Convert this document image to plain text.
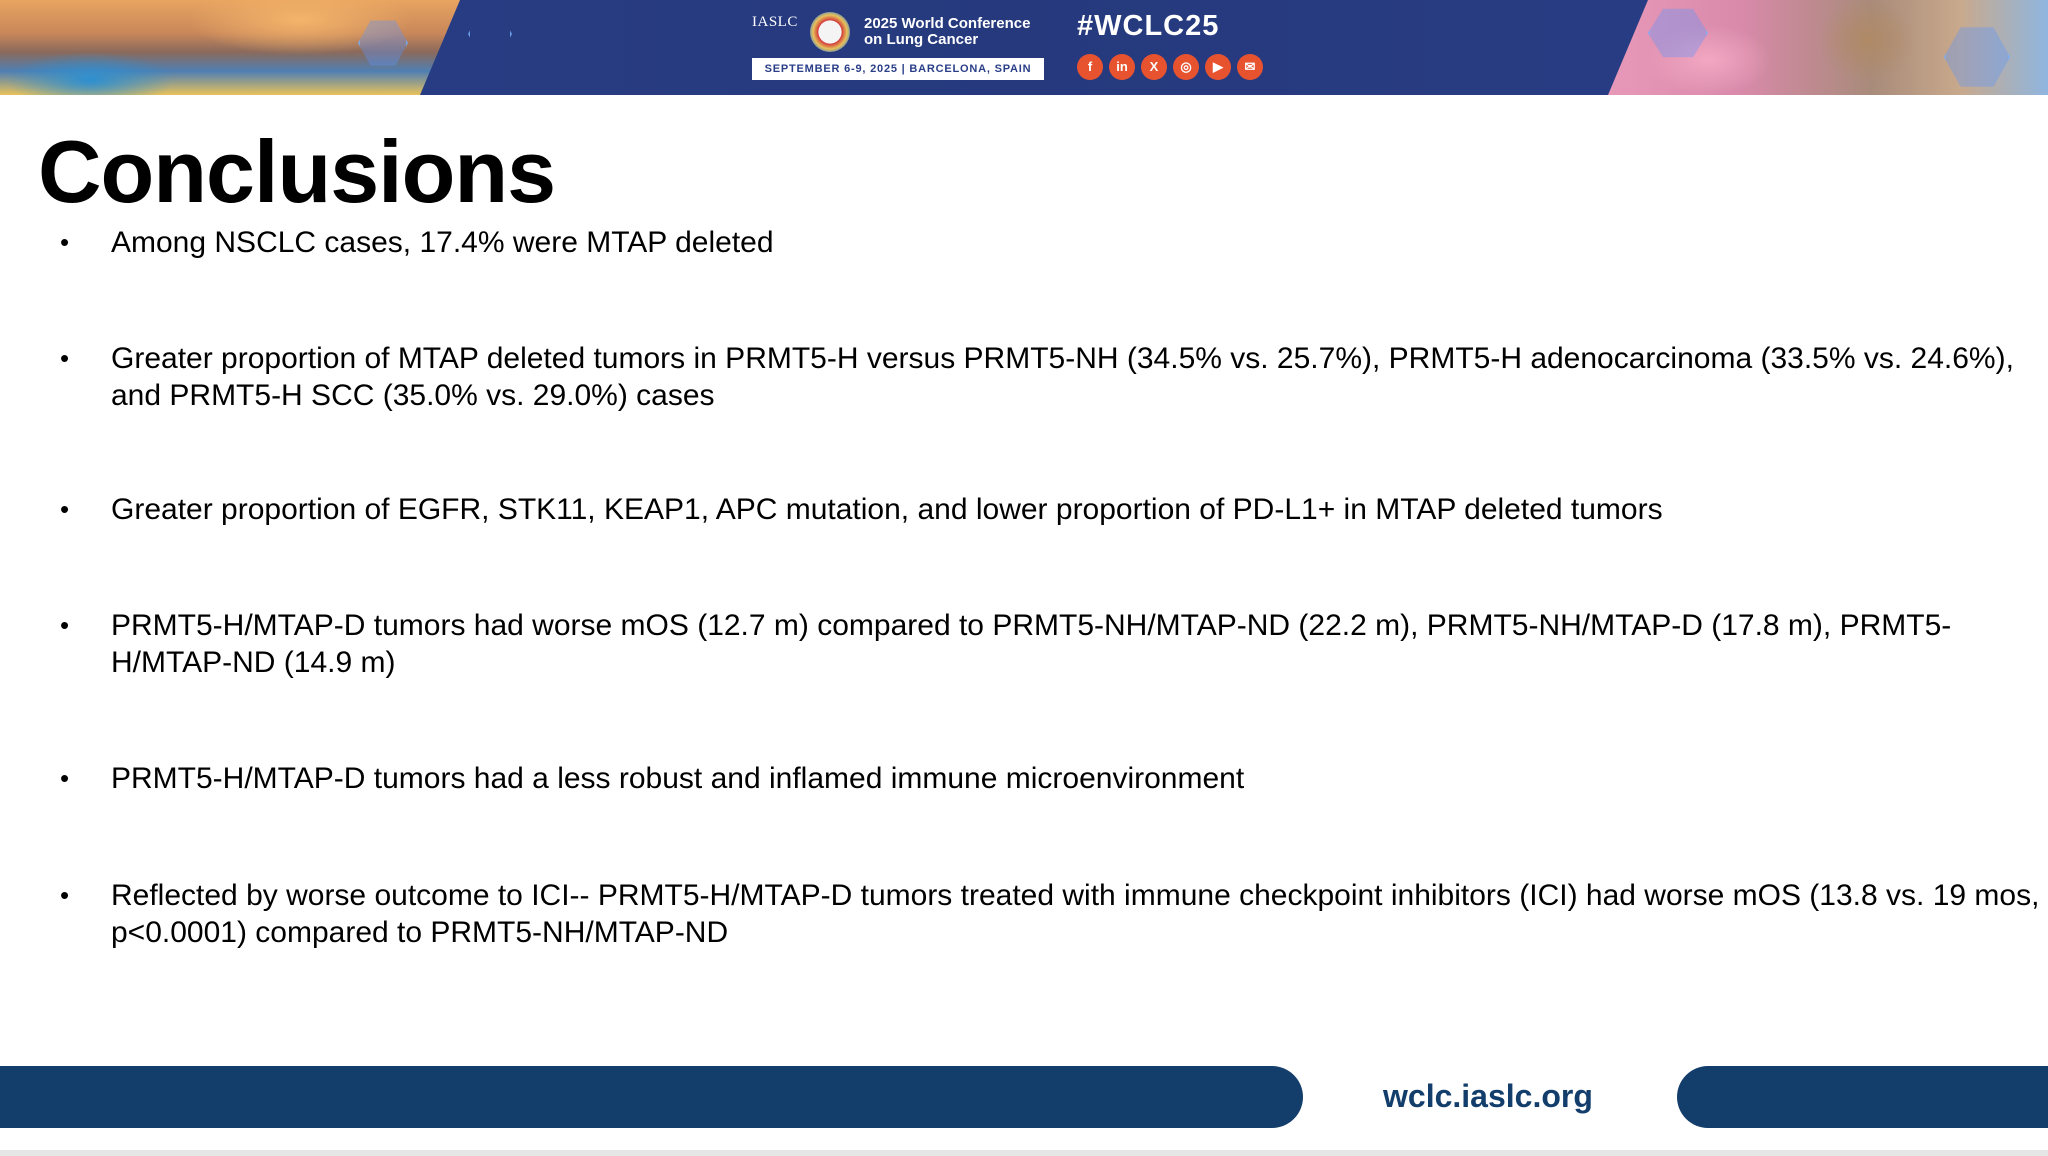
IASLC	2025 World Conference
on Lung Cancer
SEPTEMBER 6-9, 2025 | BARCELONA, SPAIN
#WCLC25
f	in	X	◎	▶	✉
Conclusions
• Among NSCLC cases, 17.4% were MTAP deleted
• Greater proportion of MTAP deleted tumors in PRMT5-H versus PRMT5-NH (34.5% vs. 25.7%), PRMT5-H adenocarcinoma (33.5% vs. 24.6%), and PRMT5-H SCC (35.0% vs. 29.0%) cases
• Greater proportion of EGFR, STK11, KEAP1, APC mutation, and lower proportion of PD-L1+ in MTAP deleted tumors
• PRMT5-H/MTAP-D tumors had worse mOS (12.7 m) compared to PRMT5-NH/MTAP-ND (22.2 m), PRMT5-NH/MTAP-D (17.8 m), PRMT5-H/MTAP-ND (14.9 m)
• PRMT5-H/MTAP-D tumors had a less robust and inflamed immune microenvironment
• Reflected by worse outcome to ICI-- PRMT5-H/MTAP-D tumors treated with immune checkpoint inhibitors (ICI) had worse mOS (13.8 vs. 19 mos, p<0.0001) compared to PRMT5-NH/MTAP-ND
wclc.iaslc.org
